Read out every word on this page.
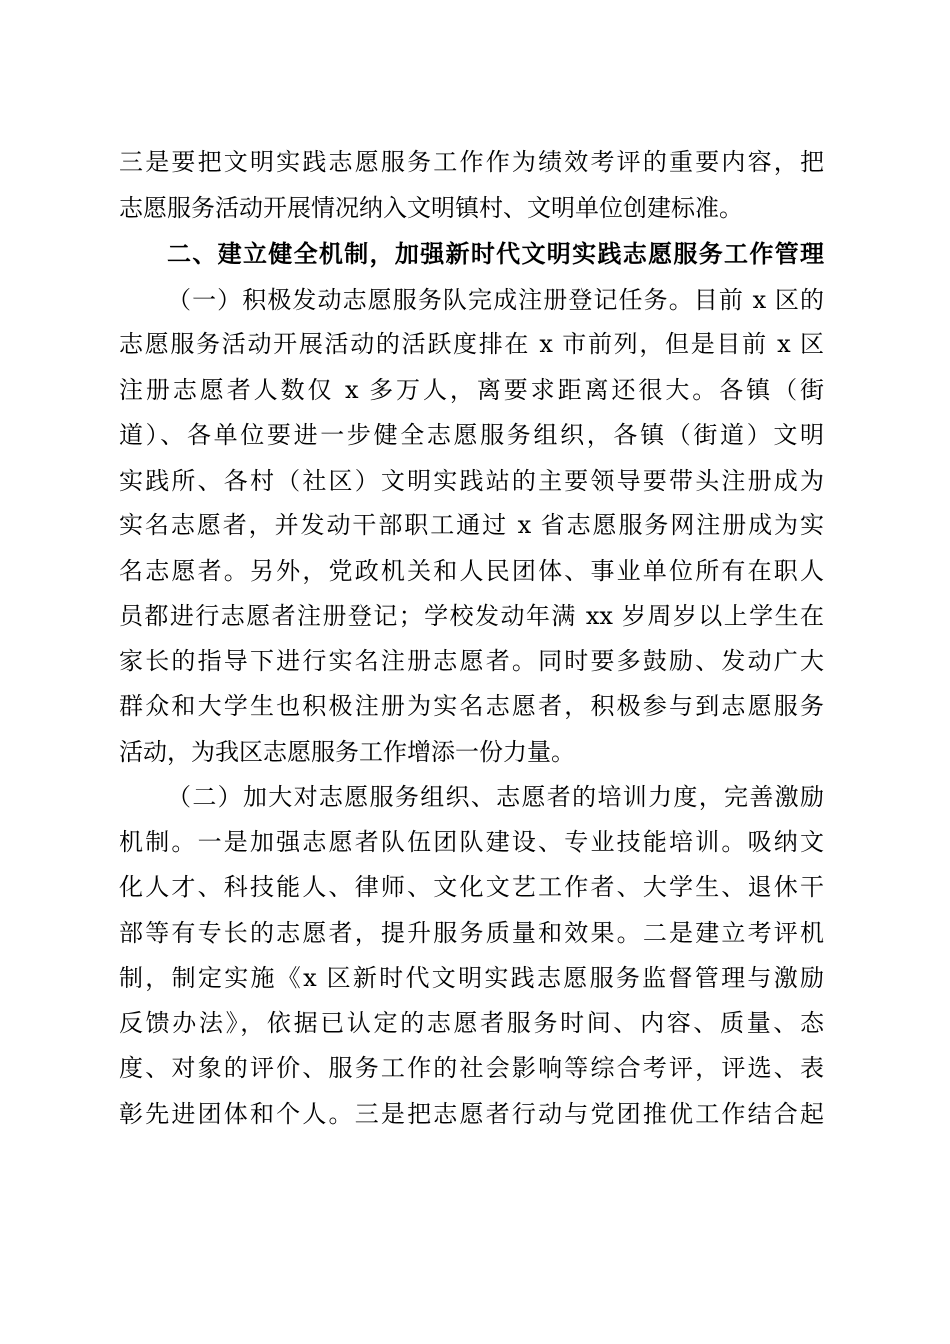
三是要把文明实践志愿服务工作作为绩效考评的重要内容，把
志愿服务活动开展情况纳入文明镇村、文明单位创建标准。
二、建立健全机制，加强新时代文明实践志愿服务工作管理
（一）积极发动志愿服务队完成注册登记任务。目前 x 区的
志愿服务活动开展活动的活跃度排在 x 市前列，但是目前 x 区
注册志愿者人数仅 x 多万人，离要求距离还很大。各镇（街
道）、各单位要进一步健全志愿服务组织，各镇（街道）文明
实践所、各村（社区）文明实践站的主要领导要带头注册成为
实名志愿者，并发动干部职工通过 x 省志愿服务网注册成为实
名志愿者。另外，党政机关和人民团体、事业单位所有在职人
员都进行志愿者注册登记；学校发动年满 xx 岁周岁以上学生在
家长的指导下进行实名注册志愿者。同时要多鼓励、发动广大
群众和大学生也积极注册为实名志愿者，积极参与到志愿服务
活动，为我区志愿服务工作增添一份力量。
（二）加大对志愿服务组织、志愿者的培训力度，完善激励
机制。一是加强志愿者队伍团队建设、专业技能培训。吸纳文
化人才、科技能人、律师、文化文艺工作者、大学生、退休干
部等有专长的志愿者，提升服务质量和效果。二是建立考评机
制，制定实施《x 区新时代文明实践志愿服务监督管理与激励
反馈办法》，依据已认定的志愿者服务时间、内容、质量、态
度、对象的评价、服务工作的社会影响等综合考评，评选、表
彰先进团体和个人。三是把志愿者行动与党团推优工作结合起
